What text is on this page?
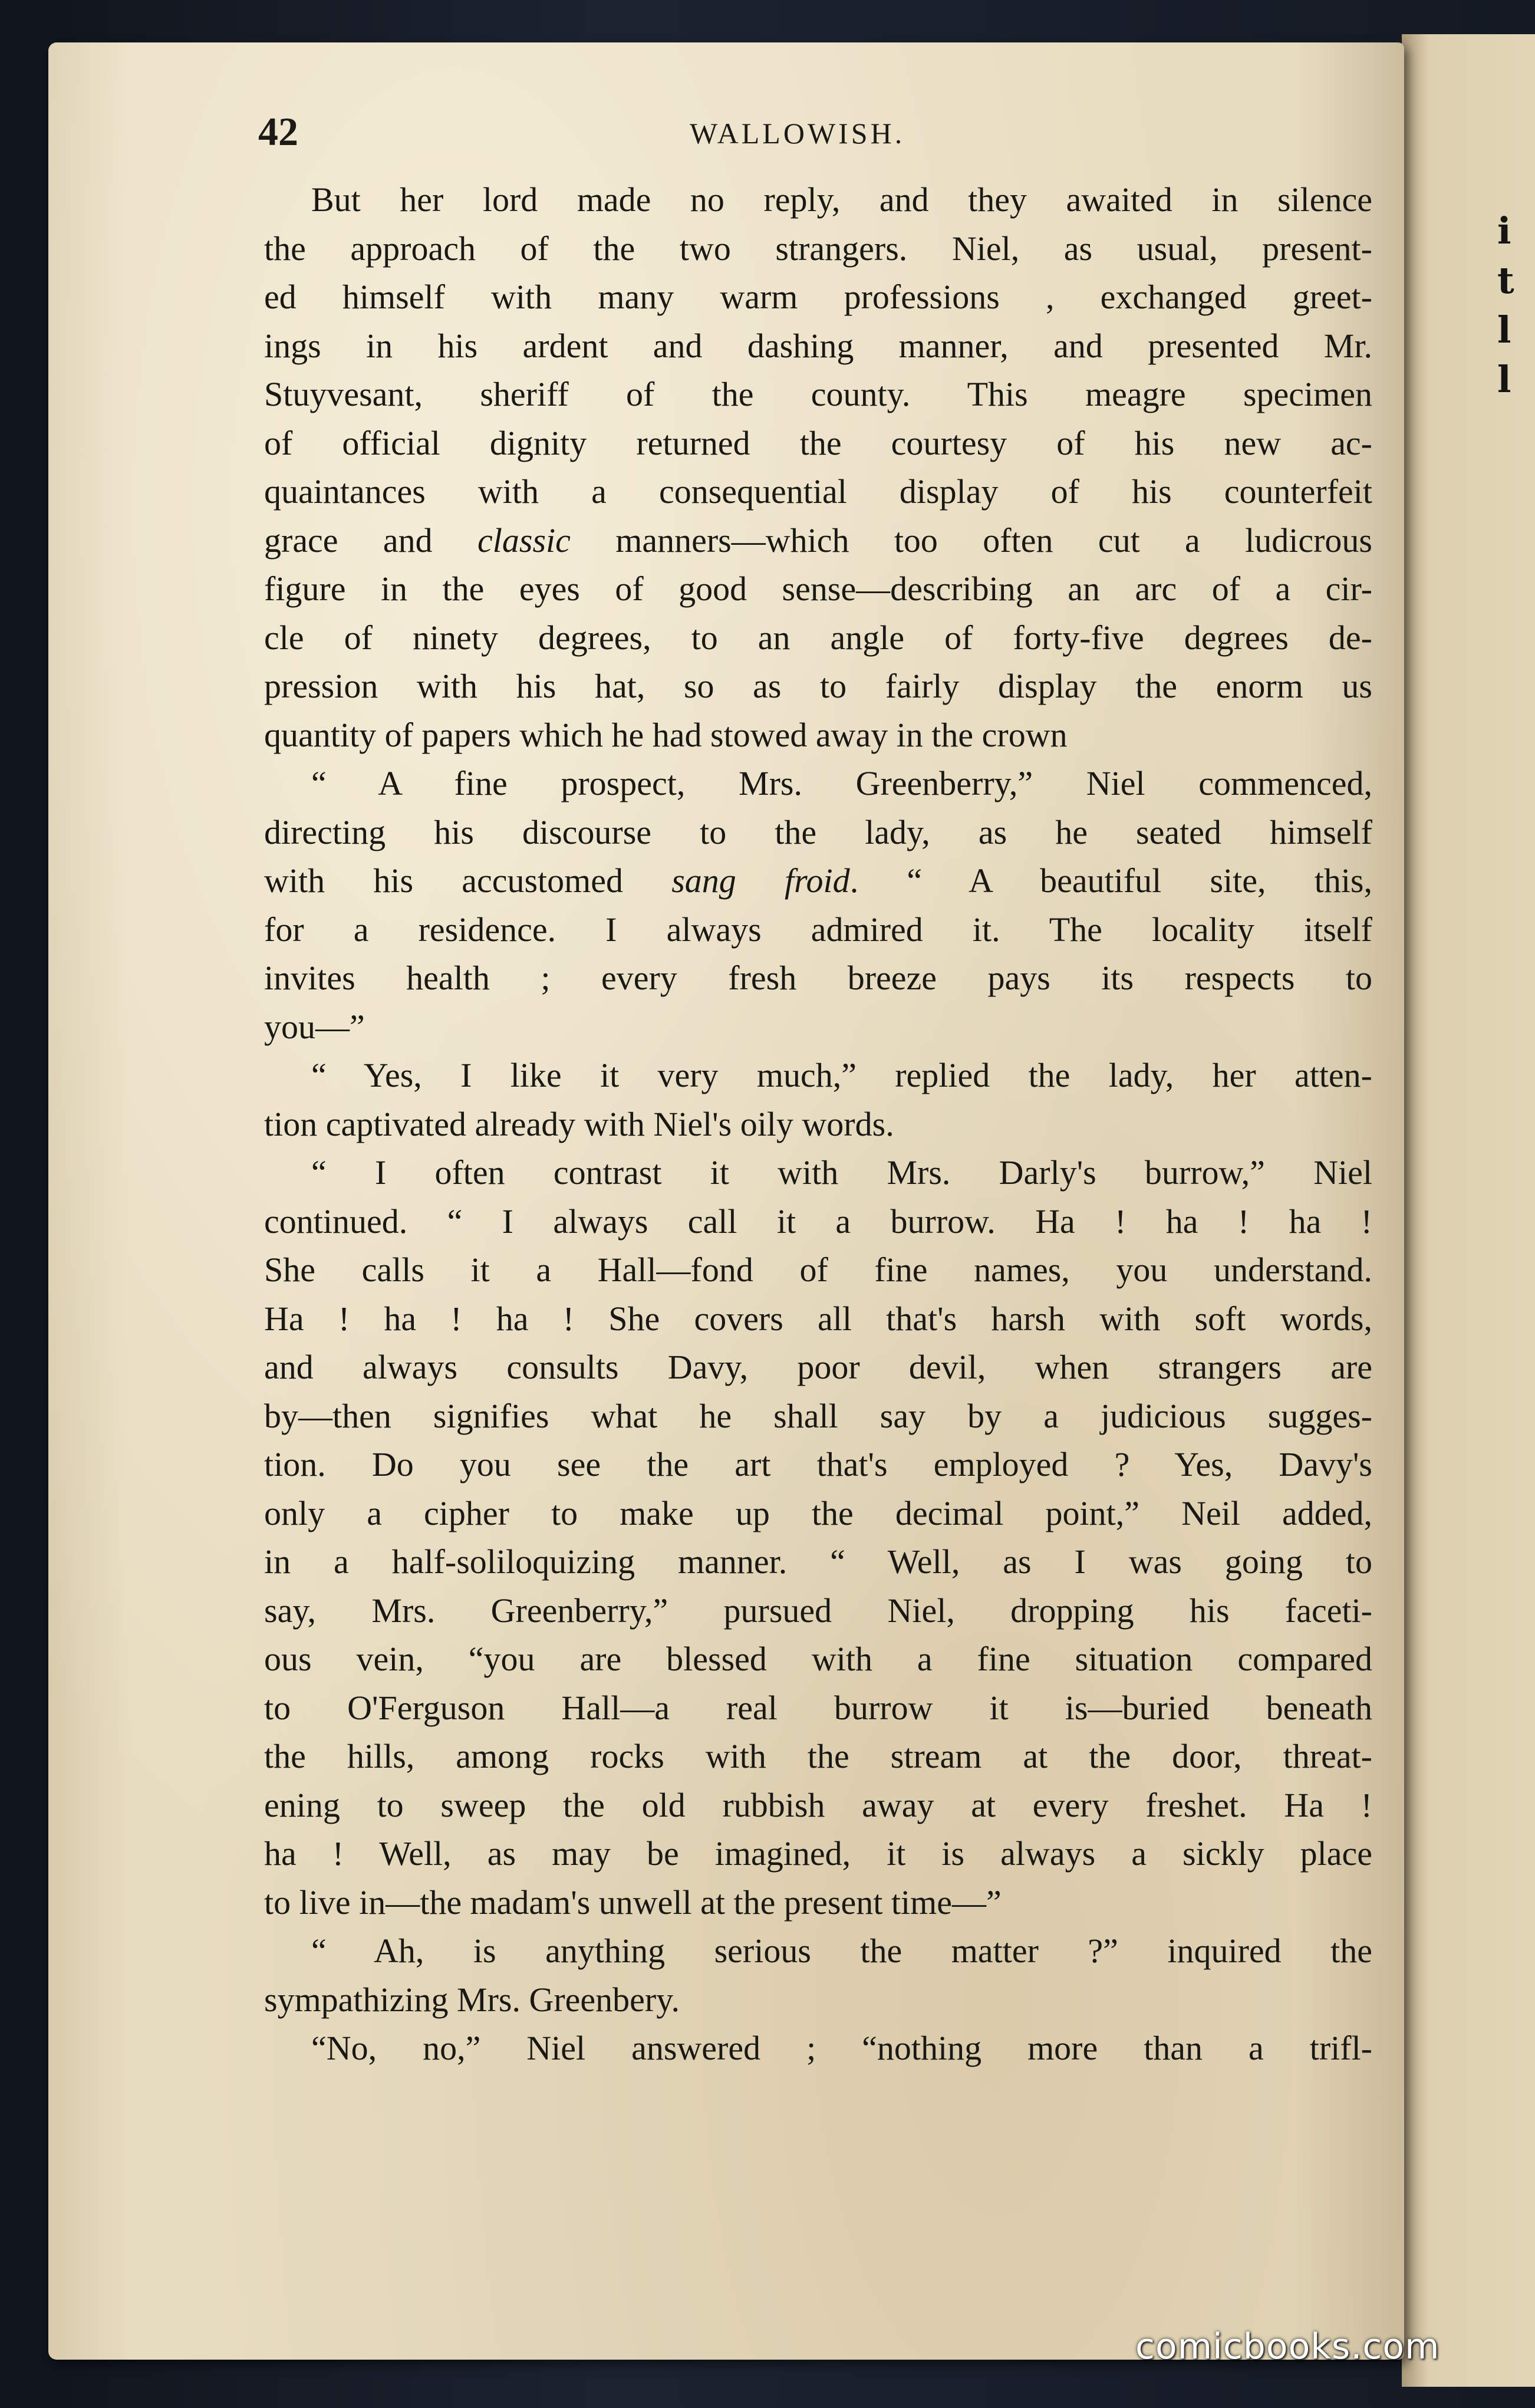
i
t
l
l
42	WALLOWISH.
But her lord made no reply, and they awaited in silence
the approach of the two strangers. Niel, as usual, present-
ed himself with many warm professions , exchanged greet-
ings in his ardent and dashing manner, and presented Mr.
Stuyvesant, sheriff of the county. This meagre specimen
of official dignity returned the courtesy of his new ac-
quaintances with a consequential display of his counterfeit
grace and classic manners—which too often cut a ludicrous
figure in the eyes of good sense—describing an arc of a cir-
cle of ninety degrees, to an angle of forty-five degrees de-
pression with his hat, so as to fairly display the enorm us
quantity of papers which he had stowed away in the crown
“ A fine prospect, Mrs. Greenberry,” Niel commenced,
directing his discourse to the lady, as he seated himself
with his accustomed sang froid. “ A beautiful site, this,
for a residence. I always admired it. The locality itself
invites health ; every fresh breeze pays its respects to
you—”
“ Yes, I like it very much,” replied the lady, her atten-
tion captivated already with Niel's oily words.
“ I often contrast it with Mrs. Darly's burrow,” Niel
continued. “ I always call it a burrow. Ha ! ha ! ha !
She calls it a Hall—fond of fine names, you understand.
Ha ! ha ! ha ! She covers all that's harsh with soft words,
and always consults Davy, poor devil, when strangers are
by—then signifies what he shall say by a judicious sugges-
tion. Do you see the art that's employed ? Yes, Davy's
only a cipher to make up the decimal point,” Neil added,
in a half-soliloquizing manner. “ Well, as I was going to
say, Mrs. Greenberry,” pursued Niel, dropping his faceti-
ous vein, “you are blessed with a fine situation compared
to O'Ferguson Hall—a real burrow it is—buried beneath
the hills, among rocks with the stream at the door, threat-
ening to sweep the old rubbish away at every freshet. Ha !
ha ! Well, as may be imagined, it is always a sickly place
to live in—the madam's unwell at the present time—”
“ Ah, is anything serious the matter ?” inquired the
sympathizing Mrs. Greenbery.
“No, no,” Niel answered ; “nothing more than a trifl-
comicbooks.com
